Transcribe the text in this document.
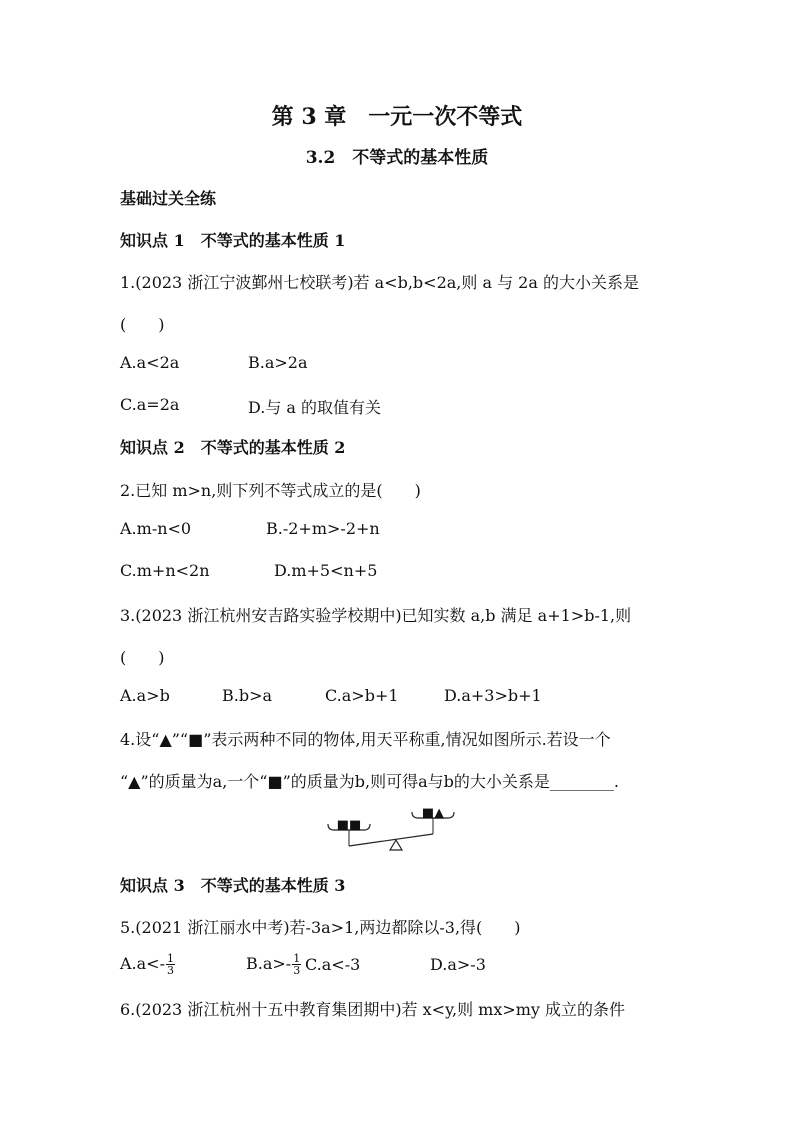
第 3 章　一元一次不等式
3.2　不等式的基本性质
基础过关全练
知识点 1　不等式的基本性质 1
1.(2023 浙江宁波鄞州七校联考)若 a<b,b<2a,则 a 与 2a 的大小关系是
(　　)
A.a<2a	B.a>2a
C.a=2a	D.与 a 的取值有关
知识点 2　不等式的基本性质 2
2.已知 m>n,则下列不等式成立的是(　　)
A.m-n<0	B.-2+m>-2+n
C.m+n<2n	D.m+5<n+5
3.(2023 浙江杭州安吉路实验学校期中)已知实数 a,b 满足 a+1>b-1,则
(　　)
A.a>b	B.b>a	C.a>b+1	D.a+3>b+1
4.设“▲”“■”表示两种不同的物体,用天平称重,情况如图所示.若设一个
“▲”的质量为a,一个“■”的质量为b,则可得a与b的大小关系是________.
■▲
■■
知识点 3　不等式的基本性质 3
5.(2021 浙江丽水中考)若-3a>1,两边都除以-3,得(　　)
$A.a<- \frac{1}{3}$	$B.a>- \frac{1}{3} C.a<-3$	D.a>-3
6.(2023 浙江杭州十五中教育集团期中)若 x<y,则 mx>my 成立的条件
